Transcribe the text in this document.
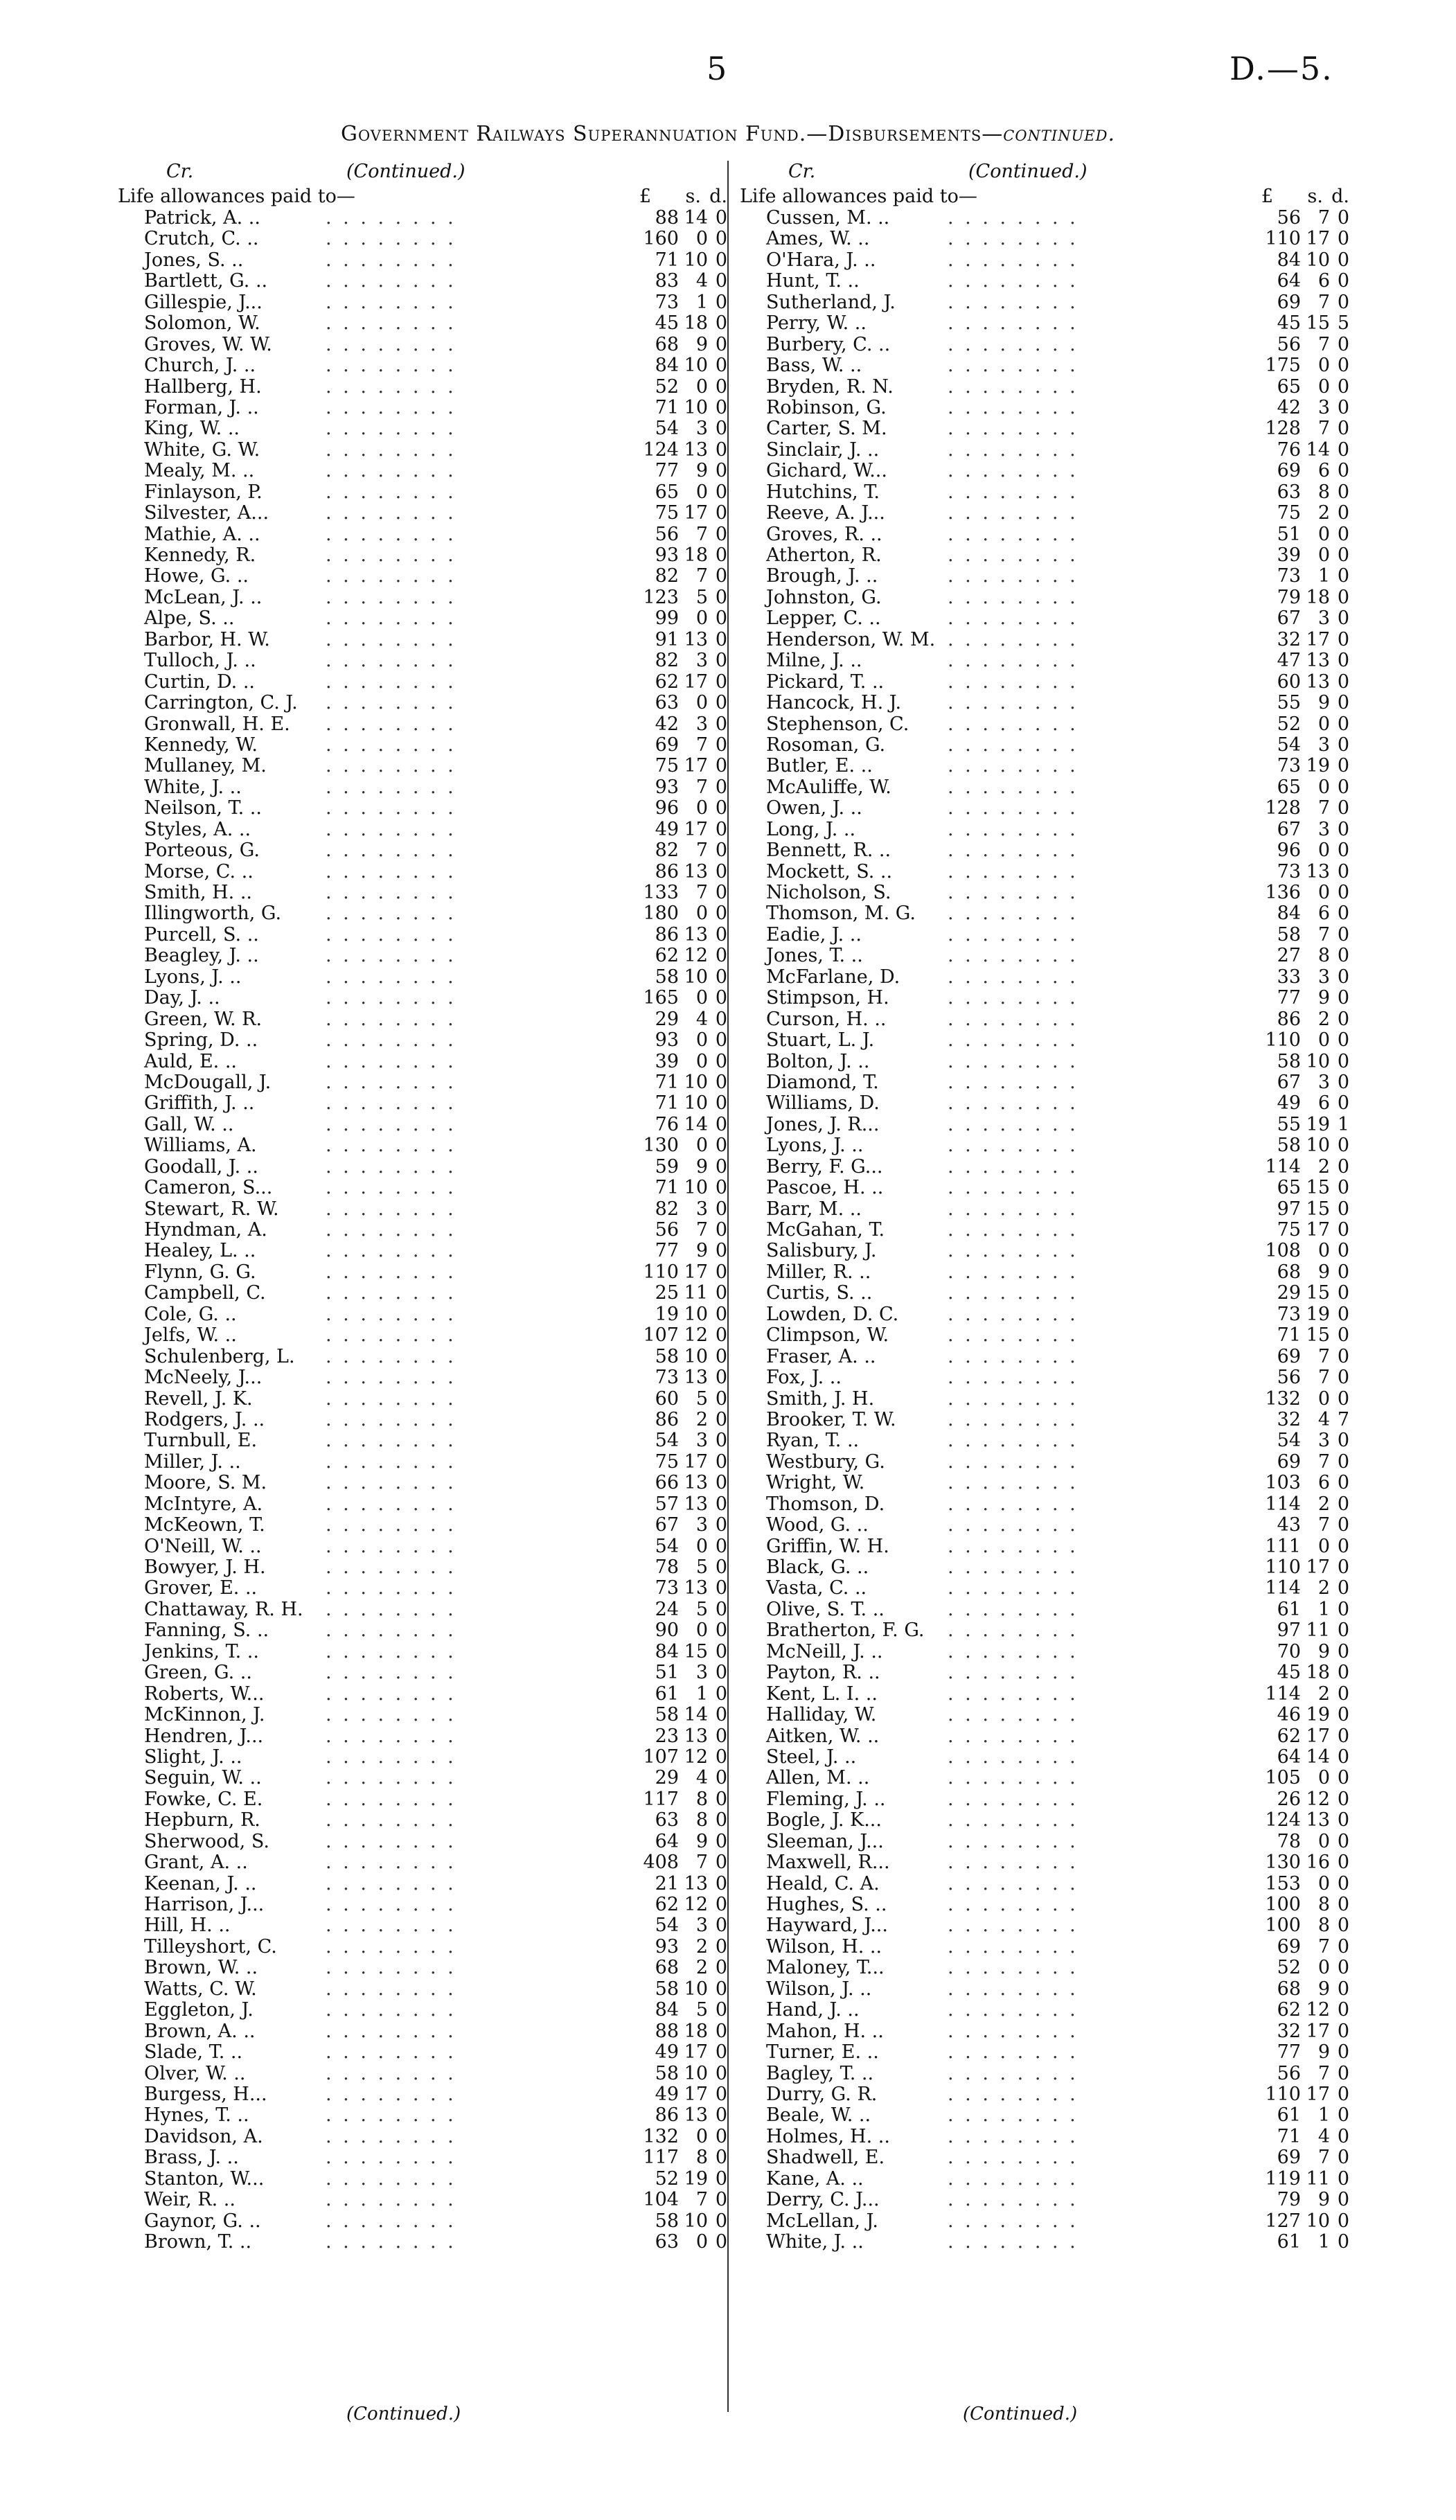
5	D.—5.
Government Railways Superannuation Fund.—Disbursements—continued.
Cr.	(Continued.)
Life allowances paid to—	£ s. d.
Patrick, A. ..	. . . . . . . .	88 14 0
Crutch, C. ..	. . . . . . . .	160 0 0
Jones, S. ..	. . . . . . . .	71 10 0
Bartlett, G. ..	. . . . . . . .	83 4 0
Gillespie, J...	. . . . . . . .	73 1 0
Solomon, W.	. . . . . . . .	45 18 0
Groves, W. W.	. . . . . . . .	68 9 0
Church, J. ..	. . . . . . . .	84 10 0
Hallberg, H.	. . . . . . . .	52 0 0
Forman, J. ..	. . . . . . . .	71 10 0
King, W. ..	. . . . . . . .	54 3 0
White, G. W.	. . . . . . . .	124 13 0
Mealy, M. ..	. . . . . . . .	77 9 0
Finlayson, P.	. . . . . . . .	65 0 0
Silvester, A...	. . . . . . . .	75 17 0
Mathie, A. ..	. . . . . . . .	56 7 0
Kennedy, R.	. . . . . . . .	93 18 0
Howe, G. ..	. . . . . . . .	82 7 0
McLean, J. ..	. . . . . . . .	123 5 0
Alpe, S. ..	. . . . . . . .	99 0 0
Barbor, H. W.	. . . . . . . .	91 13 0
Tulloch, J. ..	. . . . . . . .	82 3 0
Curtin, D. ..	. . . . . . . .	62 17 0
Carrington, C. J. . . . . . . . .	63 0 0
Gronwall, H. E. . . . . . . . .	42 3 0
Kennedy, W.	. . . . . . . .	69 7 0
Mullaney, M.	. . . . . . . .	75 17 0
White, J. ..	. . . . . . . .	93 7 0
Neilson, T. ..	. . . . . . . .	96 0 0
Styles, A. ..	. . . . . . . .	49 17 0
Porteous, G.	. . . . . . . .	82 7 0
Morse, C. ..	. . . . . . . .	86 13 0
Smith, H. ..	. . . . . . . .	133 7 0
Illingworth, G. . . . . . . . .	180 0 0
Purcell, S. ..	. . . . . . . .	86 13 0
Beagley, J. ..	. . . . . . . .	62 12 0
Lyons, J. ..	. . . . . . . .	58 10 0
Day, J. ..	. . . . . . . .	165 0 0
Green, W. R.	. . . . . . . .	29 4 0
Spring, D. ..	. . . . . . . .	93 0 0
Auld, E. ..	. . . . . . . .	39 0 0
McDougall, J.	. . . . . . . .	71 10 0
Griffith, J. ..	. . . . . . . .	71 10 0
Gall, W. ..	. . . . . . . .	76 14 0
Williams, A.	. . . . . . . .	130 0 0
Goodall, J. ..	. . . . . . . .	59 9 0
Cameron, S...	. . . . . . . .	71 10 0
Stewart, R. W. . . . . . . . .	82 3 0
Hyndman, A.	. . . . . . . .	56 7 0
Healey, L. ..	. . . . . . . .	77 9 0
Flynn, G. G.	. . . . . . . .	110 17 0
Campbell, C.	. . . . . . . .	25 11 0
Cole, G. ..	. . . . . . . .	19 10 0
Jelfs, W. ..	. . . . . . . .	107 12 0
Schulenberg, L. . . . . . . . .	58 10 0
McNeely, J...	. . . . . . . .	73 13 0
Revell, J. K.	. . . . . . . .	60 5 0
Rodgers, J. ..	. . . . . . . .	86 2 0
Turnbull, E.	. . . . . . . .	54 3 0
Miller, J. ..	. . . . . . . .	75 17 0
Moore, S. M.	. . . . . . . .	66 13 0
McIntyre, A.	. . . . . . . .	57 13 0
McKeown, T.	. . . . . . . .	67 3 0
O'Neill, W. ..	. . . . . . . .	54 0 0
Bowyer, J. H.	. . . . . . . .	78 5 0
Grover, E. ..	. . . . . . . .	73 13 0
Chattaway, R. H. . . . . . . . .	24 5 0
Fanning, S. ..	. . . . . . . .	90 0 0
Jenkins, T. ..	. . . . . . . .	84 15 0
Green, G. ..	. . . . . . . .	51 3 0
Roberts, W...	. . . . . . . .	61 1 0
McKinnon, J.	. . . . . . . .	58 14 0
Hendren, J...	. . . . . . . .	23 13 0
Slight, J. ..	. . . . . . . .	107 12 0
Seguin, W. ..	. . . . . . . .	29 4 0
Fowke, C. E.	. . . . . . . .	117 8 0
Hepburn, R.	. . . . . . . .	63 8 0
Sherwood, S.	. . . . . . . .	64 9 0
Grant, A. ..	. . . . . . . .	408 7 0
Keenan, J. ..	. . . . . . . .	21 13 0
Harrison, J...	. . . . . . . .	62 12 0
Hill, H. ..	. . . . . . . .	54 3 0
Tilleyshort, C.	. . . . . . . .	93 2 0
Brown, W. ..	. . . . . . . .	68 2 0
Watts, C. W.	. . . . . . . .	58 10 0
Eggleton, J.	. . . . . . . .	84 5 0
Brown, A. ..	. . . . . . . .	88 18 0
Slade, T. ..	. . . . . . . .	49 17 0
Olver, W. ..	. . . . . . . .	58 10 0
Burgess, H...	. . . . . . . .	49 17 0
Hynes, T. ..	. . . . . . . .	86 13 0
Davidson, A.	. . . . . . . .	132 0 0
Brass, J. ..	. . . . . . . .	117 8 0
Stanton, W...	. . . . . . . .	52 19 0
Weir, R. ..	. . . . . . . .	104 7 0
Gaynor, G. ..	. . . . . . . .	58 10 0
Brown, T. ..	. . . . . . . .	63 0 0
Cr.	(Continued.)
Life allowances paid to—	£ s. d.
Cussen, M. ..	. . . . . . . .	56 7 0
Ames, W. ..	. . . . . . . .	110 17 0
O'Hara, J. ..	. . . . . . . .	84 10 0
Hunt, T. ..	. . . . . . . .	64 6 0
Sutherland, J.	. . . . . . . .	69 7 0
Perry, W. ..	. . . . . . . .	45 15 5
Burbery, C. ..	. . . . . . . .	56 7 0
Bass, W. ..	. . . . . . . .	175 0 0
Bryden, R. N.	. . . . . . . .	65 0 0
Robinson, G.	. . . . . . . .	42 3 0
Carter, S. M.	. . . . . . . .	128 7 0
Sinclair, J. ..	. . . . . . . .	76 14 0
Gichard, W...	. . . . . . . .	69 6 0
Hutchins, T.	. . . . . . . .	63 8 0
Reeve, A. J...	. . . . . . . .	75 2 0
Groves, R. ..	. . . . . . . .	51 0 0
Atherton, R.	. . . . . . . .	39 0 0
Brough, J. ..	. . . . . . . .	73 1 0
Johnston, G.	. . . . . . . .	79 18 0
Lepper, C. ..	. . . . . . . .	67 3 0
Henderson, W. M. . . . . . . . .	32 17 0
Milne, J. ..	. . . . . . . .	47 13 0
Pickard, T. ..	. . . . . . . .	60 13 0
Hancock, H. J. . . . . . . . .	55 9 0
Stephenson, C. . . . . . . . .	52 0 0
Rosoman, G.	. . . . . . . .	54 3 0
Butler, E. ..	. . . . . . . .	73 19 0
McAuliffe, W.	. . . . . . . .	65 0 0
Owen, J. ..	. . . . . . . .	128 7 0
Long, J. ..	. . . . . . . .	67 3 0
Bennett, R. ..	. . . . . . . .	96 0 0
Mockett, S. ..	. . . . . . . .	73 13 0
Nicholson, S.	. . . . . . . .	136 0 0
Thomson, M. G. . . . . . . . .	84 6 0
Eadie, J. ..	. . . . . . . .	58 7 0
Jones, T. ..	. . . . . . . .	27 8 0
McFarlane, D.	. . . . . . . .	33 3 0
Stimpson, H.	. . . . . . . .	77 9 0
Curson, H. ..	. . . . . . . .	86 2 0
Stuart, L. J.	. . . . . . . .	110 0 0
Bolton, J. ..	. . . . . . . .	58 10 0
Diamond, T.	. . . . . . . .	67 3 0
Williams, D.	. . . . . . . .	49 6 0
Jones, J. R...	. . . . . . . .	55 19 1
Lyons, J. ..	. . . . . . . .	58 10 0
Berry, F. G...	. . . . . . . .	114 2 0
Pascoe, H. ..	. . . . . . . .	65 15 0
Barr, M. ..	. . . . . . . .	97 15 0
McGahan, T.	. . . . . . . .	75 17 0
Salisbury, J.	. . . . . . . .	108 0 0
Miller, R. ..	. . . . . . . .	68 9 0
Curtis, S. ..	. . . . . . . .	29 15 0
Lowden, D. C.	. . . . . . . .	73 19 0
Climpson, W.	. . . . . . . .	71 15 0
Fraser, A. ..	. . . . . . . .	69 7 0
Fox, J. ..	. . . . . . . .	56 7 0
Smith, J. H.	. . . . . . . .	132 0 0
Brooker, T. W.	. . . . . . . .	32 4 7
Ryan, T. ..	. . . . . . . .	54 3 0
Westbury, G.	. . . . . . . .	69 7 0
Wright, W.	. . . . . . . .	103 6 0
Thomson, D.	. . . . . . . .	114 2 0
Wood, G. ..	. . . . . . . .	43 7 0
Griffin, W. H.	. . . . . . . .	111 0 0
Black, G. ..	. . . . . . . .	110 17 0
Vasta, C. ..	. . . . . . . .	114 2 0
Olive, S. T. ..	. . . . . . . .	61 1 0
Bratherton, F. G. . . . . . . . .	97 11 0
McNeill, J. ..	. . . . . . . .	70 9 0
Payton, R. ..	. . . . . . . .	45 18 0
Kent, L. I. ..	. . . . . . . .	114 2 0
Halliday, W.	. . . . . . . .	46 19 0
Aitken, W. ..	. . . . . . . .	62 17 0
Steel, J. ..	. . . . . . . .	64 14 0
Allen, M. ..	. . . . . . . .	105 0 0
Fleming, J. ..	. . . . . . . .	26 12 0
Bogle, J. K...	. . . . . . . .	124 13 0
Sleeman, J...	. . . . . . . .	78 0 0
Maxwell, R...	. . . . . . . .	130 16 0
Heald, C. A.	. . . . . . . .	153 0 0
Hughes, S. ..	. . . . . . . .	100 8 0
Hayward, J...	. . . . . . . .	100 8 0
Wilson, H. ..	. . . . . . . .	69 7 0
Maloney, T...	. . . . . . . .	52 0 0
Wilson, J. ..	. . . . . . . .	68 9 0
Hand, J. ..	. . . . . . . .	62 12 0
Mahon, H. ..	. . . . . . . .	32 17 0
Turner, E. ..	. . . . . . . .	77 9 0
Bagley, T. ..	. . . . . . . .	56 7 0
Durry, G. R.	. . . . . . . .	110 17 0
Beale, W. ..	. . . . . . . .	61 1 0
Holmes, H. ..	. . . . . . . .	71 4 0
Shadwell, E.	. . . . . . . .	69 7 0
Kane, A. ..	. . . . . . . .	119 11 0
Derry, C. J...	. . . . . . . .	79 9 0
McLellan, J.	. . . . . . . .	127 10 0
White, J. ..	. . . . . . . .	61 1 0
(Continued.)	(Continued.)
